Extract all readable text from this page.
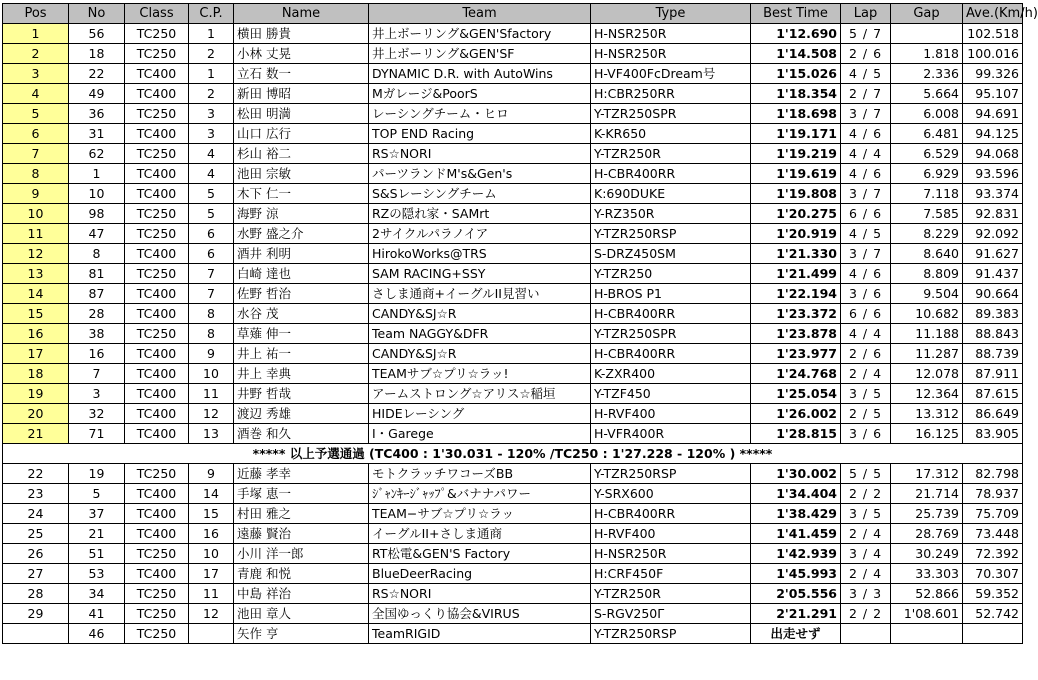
Pos	No	Class	C.P.	Name	Team	Type	Best Time	Lap	Gap	Ave.(Km/h)
1	56	TC250	1	横田 勝貴	井上ボーリング&GEN'Sfactory	H-NSR250R	1'12.690	5 / 7		102.518
2	18	TC250	2	小林 丈晃	井上ボーリング&GEN'SF	H-NSR250R	1'14.508	2 / 6	1.818	100.016
3	22	TC400	1	立石 数一	DYNAMIC D.R. with AutoWins	H-VF400FcDream号	1'15.026	4 / 5	2.336	99.326
4	49	TC400	2	新田 博昭	Mガレージ&PoorS	H:CBR250RR	1'18.354	2 / 7	5.664	95.107
5	36	TC250	3	松田 明満	レーシングチーム・ヒロ	Y-TZR250SPR	1'18.698	3 / 7	6.008	94.691
6	31	TC400	3	山口 広行	TOP END Racing	K-KR650	1'19.171	4 / 6	6.481	94.125
7	62	TC250	4	杉山 裕二	RS☆NORI	Y-TZR250R	1'19.219	4 / 4	6.529	94.068
8	1	TC400	4	池田 宗敏	パーツランドM's&Gen's	H-CBR400RR	1'19.619	4 / 6	6.929	93.596
9	10	TC400	5	木下 仁一	S&Sレーシングチーム	K:690DUKE	1'19.808	3 / 7	7.118	93.374
10	98	TC250	5	海野 涼	RZの隠れ家・SAMrt	Y-RZ350R	1'20.275	6 / 6	7.585	92.831
11	47	TC250	6	水野 盛之介	2サイクルパラノイア	Y-TZR250RSP	1'20.919	4 / 5	8.229	92.092
12	8	TC400	6	酒井 利明	HirokoWorks@TRS	S-DRZ450SM	1'21.330	3 / 7	8.640	91.627
13	81	TC250	7	白崎 達也	SAM RACING+SSY	Y-TZR250	1'21.499	4 / 6	8.809	91.437
14	87	TC400	7	佐野 哲治	さしま通商+イーグルII見習い	H-BROS P1	1'22.194	3 / 6	9.504	90.664
15	28	TC400	8	水谷 茂	CANDY&SJ☆R	H-CBR400RR	1'23.372	6 / 6	10.682	89.383
16	38	TC250	8	草薙 伸一	Team NAGGY&DFR	Y-TZR250SPR	1'23.878	4 / 4	11.188	88.843
17	16	TC400	9	井上 祐一	CANDY&SJ☆R	H-CBR400RR	1'23.977	2 / 6	11.287	88.739
18	7	TC400	10	井上 幸典	TEAMサブ☆プリ☆ラッ!	K-ZXR400	1'24.768	2 / 4	12.078	87.911
19	3	TC400	11	井野 哲哉	アームストロング☆アリス☆稲垣	Y-TZF450	1'25.054	3 / 5	12.364	87.615
20	32	TC400	12	渡辺 秀雄	HIDEレーシング	H-RVF400	1'26.002	2 / 5	13.312	86.649
21	71	TC400	13	酒巻 和久	I・Garege	H-VFR400R	1'28.815	3 / 6	16.125	83.905
***** 以上予選通過 (TC400 : 1'30.031 - 120% /TC250 : 1'27.228 - 120% ) *****										
22	19	TC250	9	近藤 孝幸	モトクラッチワコーズBB	Y-TZR250RSP	1'30.002	5 / 5	17.312	82.798
23	5	TC400	14	手塚 恵一	ｼﾞｬﾝｷｰｼﾞｬｯﾌﾟ&バナナパワー	Y-SRX600	1'34.404	2 / 2	21.714	78.937
24	37	TC400	15	村田 雅之	TEAM−サブ☆プリ☆ラッ	H-CBR400RR	1'38.429	3 / 5	25.739	75.709
25	21	TC400	16	遠藤 賢治	イーグルII+さしま通商	H-RVF400	1'41.459	2 / 4	28.769	73.448
26	51	TC250	10	小川 洋一郎	RT松電&GEN'S Factory	H-NSR250R	1'42.939	3 / 4	30.249	72.392
27	53	TC400	17	青鹿 和悦	BlueDeerRacing	H:CRF450F	1'45.993	2 / 4	33.303	70.307
28	34	TC250	11	中島 祥治	RS☆NORI	Y-TZR250R	2'05.556	3 / 3	52.866	59.352
29	41	TC250	12	池田 章人	全国ゆっくり協会&VIRUS	S-RGV250Γ	2'21.291	2 / 2	1'08.601	52.742
	46	TC250		矢作 亨	TeamRIGID	Y-TZR250RSP	出走せず			
